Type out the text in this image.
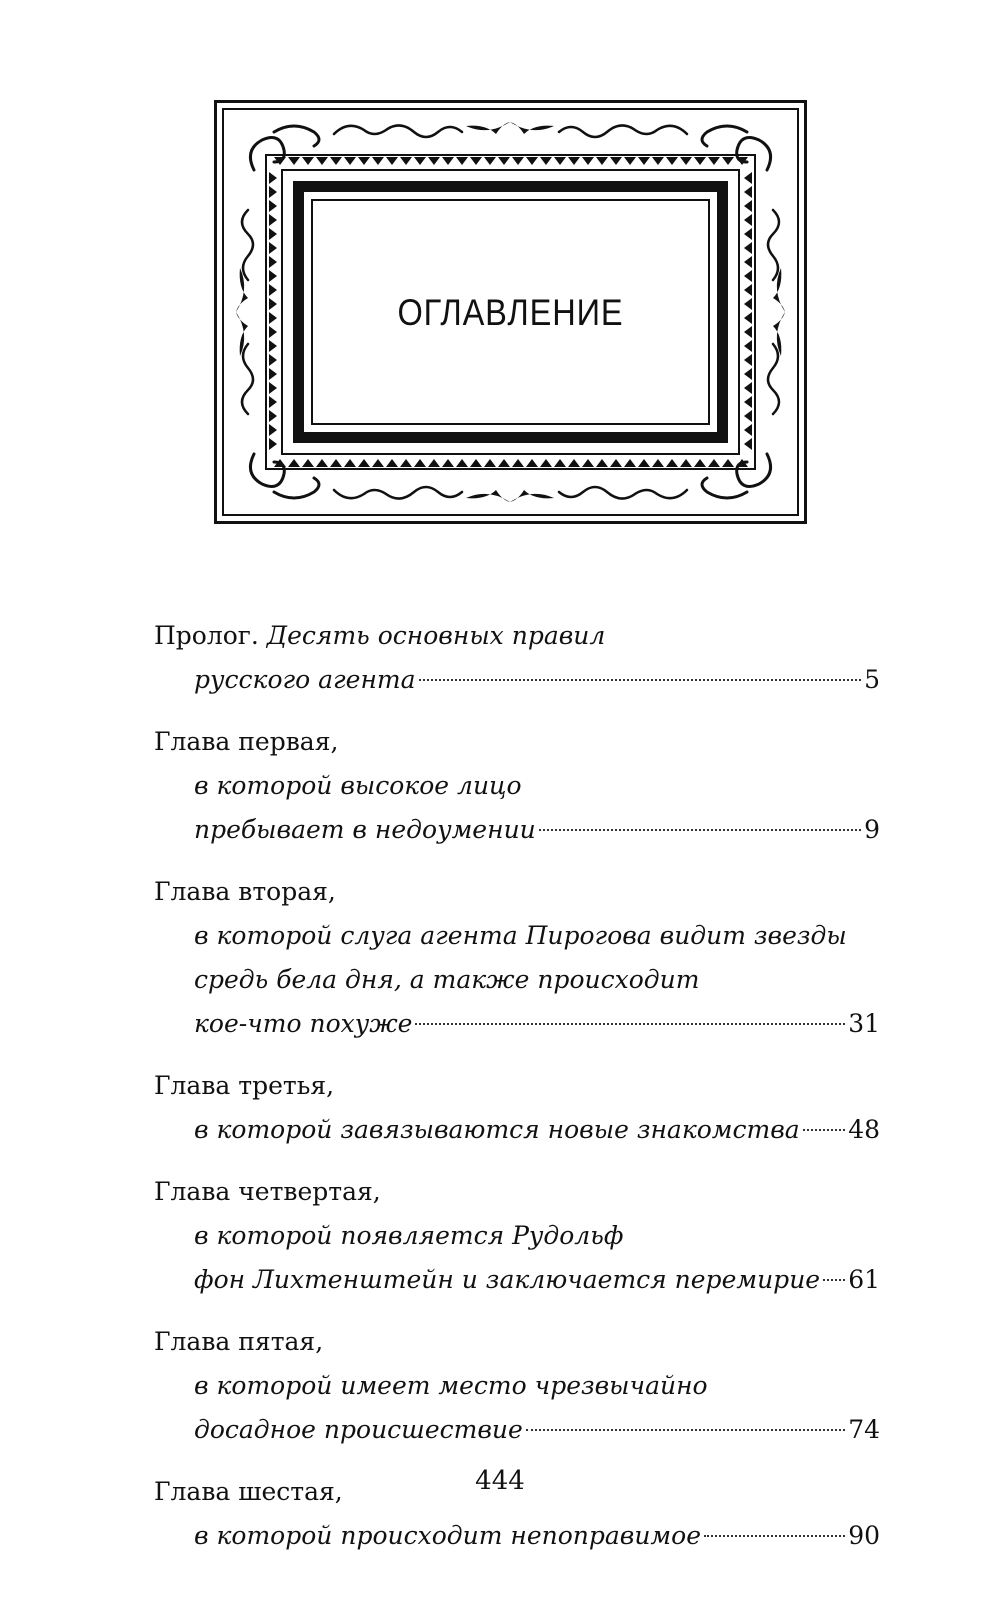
ОГЛАВЛЕНИЕ
Пролог. Десять основных правил
русского агента	5
Глава первая,
в которой высокое лицо
пребывает в недоумении	9
Глава вторая,
в которой слуга агента Пирогова видит звезды
средь бела дня, а также происходит
кое-что похуже	31
Глава третья,
в которой завязываются новые знакомства 48
Глава четвертая,
в которой появляется Рудольф
фон Лихтенштейн и заключается перемирие 61
Глава пятая,
в которой имеет место чрезвычайно
досадное происшествие	74
Глава шестая,
в которой происходит непоправимое	90
444
